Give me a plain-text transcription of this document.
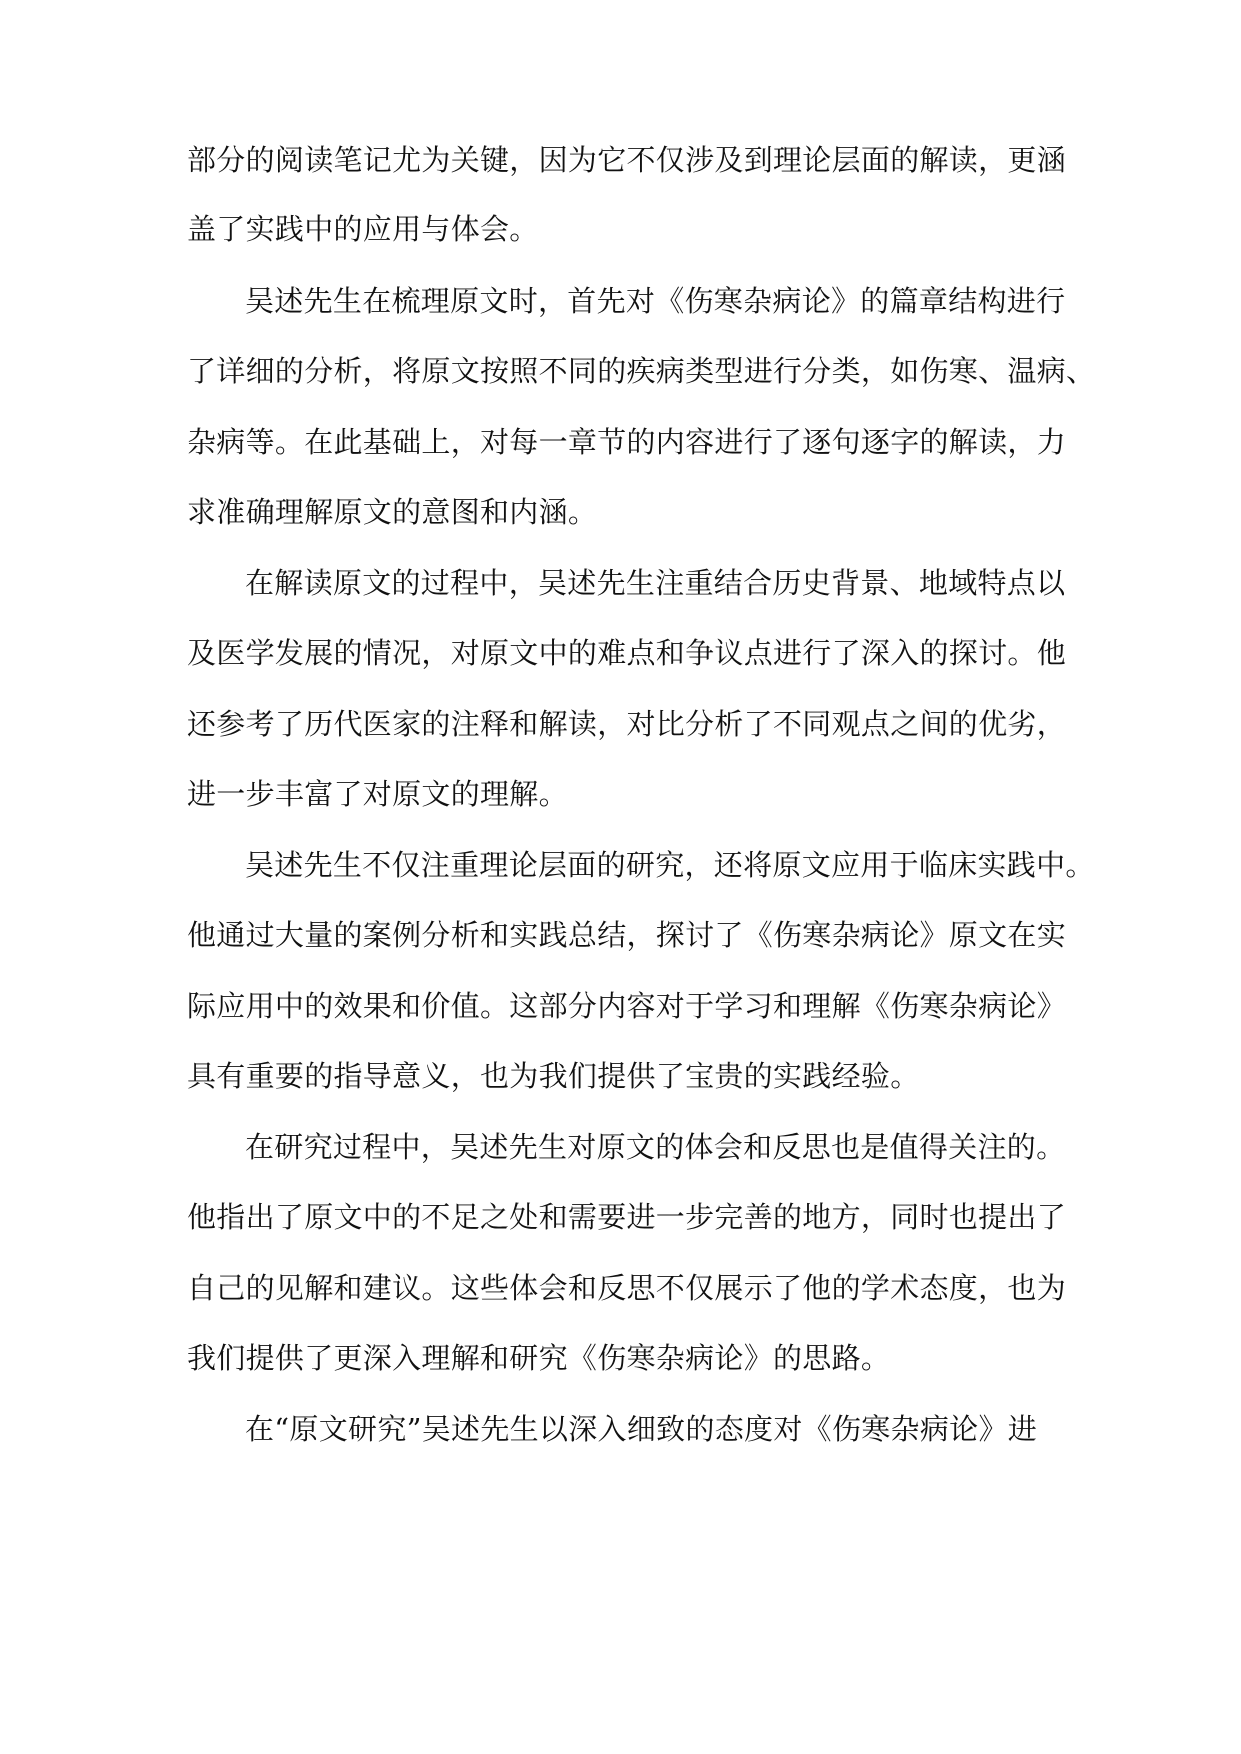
部分的阅读笔记尤为关键，因为它不仅涉及到理论层面的解读，更涵
盖了实践中的应用与体会。
吴述先生在梳理原文时，首先对《伤寒杂病论》的篇章结构进行
了详细的分析，将原文按照不同的疾病类型进行分类，如伤寒、温病、
杂病等。在此基础上，对每一章节的内容进行了逐句逐字的解读，力
求准确理解原文的意图和内涵。
在解读原文的过程中，吴述先生注重结合历史背景、地域特点以
及医学发展的情况，对原文中的难点和争议点进行了深入的探讨。他
还参考了历代医家的注释和解读，对比分析了不同观点之间的优劣，
进一步丰富了对原文的理解。
吴述先生不仅注重理论层面的研究，还将原文应用于临床实践中。
他通过大量的案例分析和实践总结，探讨了《伤寒杂病论》原文在实
际应用中的效果和价值。这部分内容对于学习和理解《伤寒杂病论》
具有重要的指导意义，也为我们提供了宝贵的实践经验。
在研究过程中，吴述先生对原文的体会和反思也是值得关注的。
他指出了原文中的不足之处和需要进一步完善的地方，同时也提出了
自己的见解和建议。这些体会和反思不仅展示了他的学术态度，也为
我们提供了更深入理解和研究《伤寒杂病论》的思路。
在“原文研究”吴述先生以深入细致的态度对《伤寒杂病论》进
